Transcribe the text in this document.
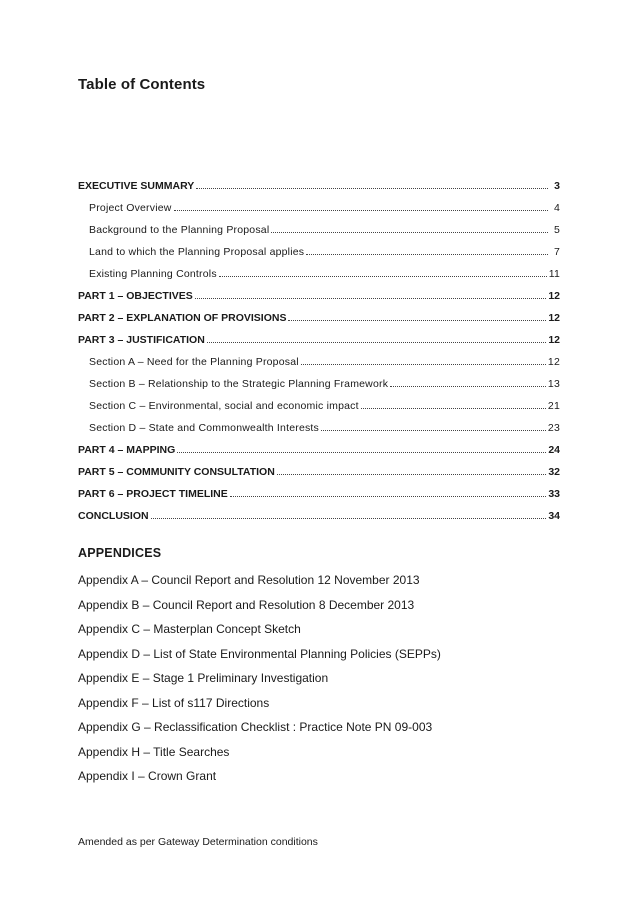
Table of Contents
EXECUTIVE SUMMARY	3
Project Overview	4
Background to the Planning Proposal	5
Land to which the Planning Proposal applies	7
Existing Planning Controls	11
PART 1 – OBJECTIVES	12
PART 2 – EXPLANATION OF PROVISIONS	12
PART 3 – JUSTIFICATION	12
Section A – Need for the Planning Proposal	12
Section B – Relationship to the Strategic Planning Framework	13
Section C – Environmental, social and economic impact	21
Section D – State and Commonwealth Interests	23
PART 4 – MAPPING	24
PART 5 – COMMUNITY CONSULTATION	32
PART 6 – PROJECT TIMELINE	33
CONCLUSION	34
APPENDICES
Appendix A – Council Report and Resolution 12 November 2013
Appendix B – Council Report and Resolution 8 December 2013
Appendix C – Masterplan Concept Sketch
Appendix D – List of State Environmental Planning Policies (SEPPs)
Appendix E – Stage 1 Preliminary Investigation
Appendix F – List of s117 Directions
Appendix G – Reclassification Checklist : Practice Note PN 09-003
Appendix H – Title Searches
Appendix I – Crown Grant

Amended as per Gateway Determination conditions
